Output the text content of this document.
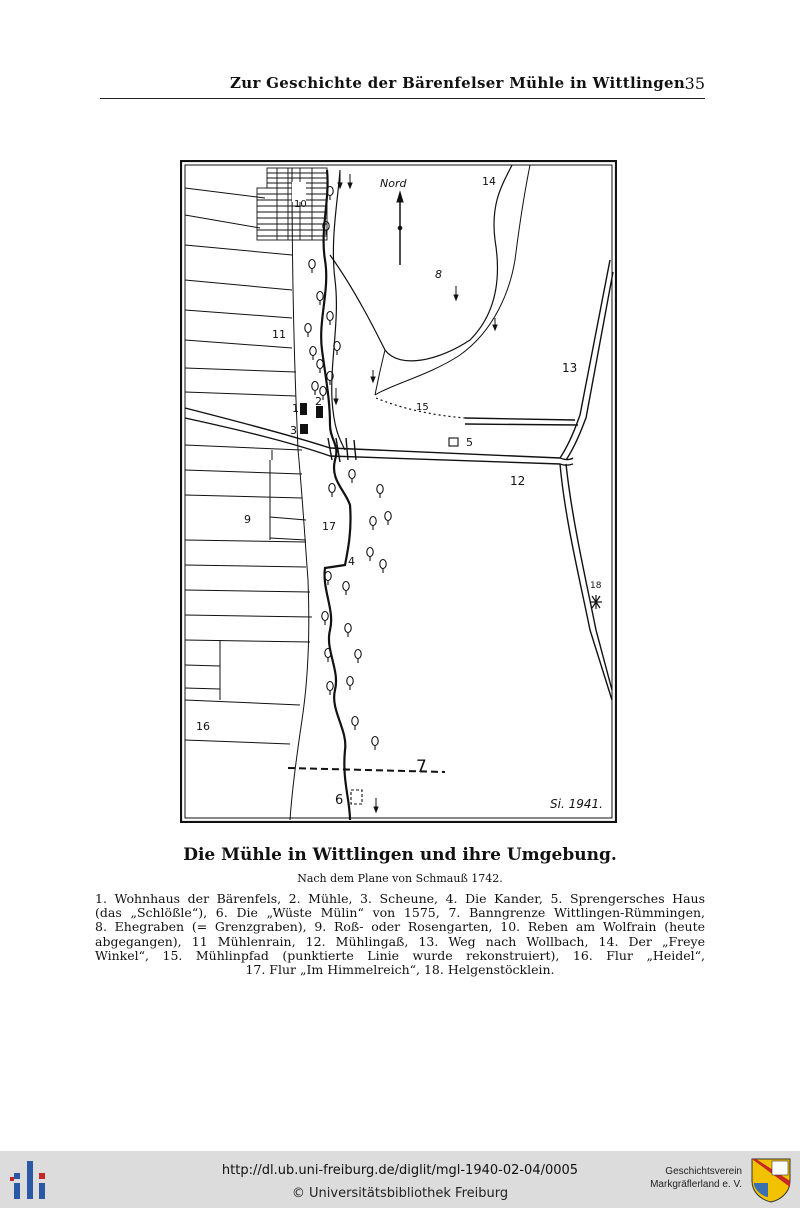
Zur Geschichte der Bärenfelser Mühle in Wittlingen 35
1
2
3
4
5
6
7
8
9
10
11
12
13
14
15
16
17
18
Nord
Si. 1941.
Die Mühle in Wittlingen und ihre Umgebung.
Nach dem Plane von Schmauß 1742.
1. Wohnhaus der Bärenfels, 2. Mühle, 3. Scheune, 4. Die Kander, 5. Sprengersches Haus
(das „Schlößle“), 6. Die „Wüste Mülin“ von 1575, 7. Banngrenze Wittlingen-Rümmingen,
8. Ehegraben (= Grenzgraben), 9. Roß- oder Rosengarten, 10. Reben am Wolfrain (heute
abgegangen), 11 Mühlenrain, 12. Mühlingaß, 13. Weg nach Wollbach, 14. Der „Freye
Winkel“, 15. Mühlinpfad (punktierte Linie wurde rekonstruiert), 16. Flur „Heidel“,
17. Flur „Im Himmelreich“, 18. Helgenstöcklein.
http://dl.ub.uni-freiburg.de/diglit/mgl-1940-02-04/0005
© Universitätsbibliothek Freiburg
Geschichtsverein
Markgräflerland e. V.
